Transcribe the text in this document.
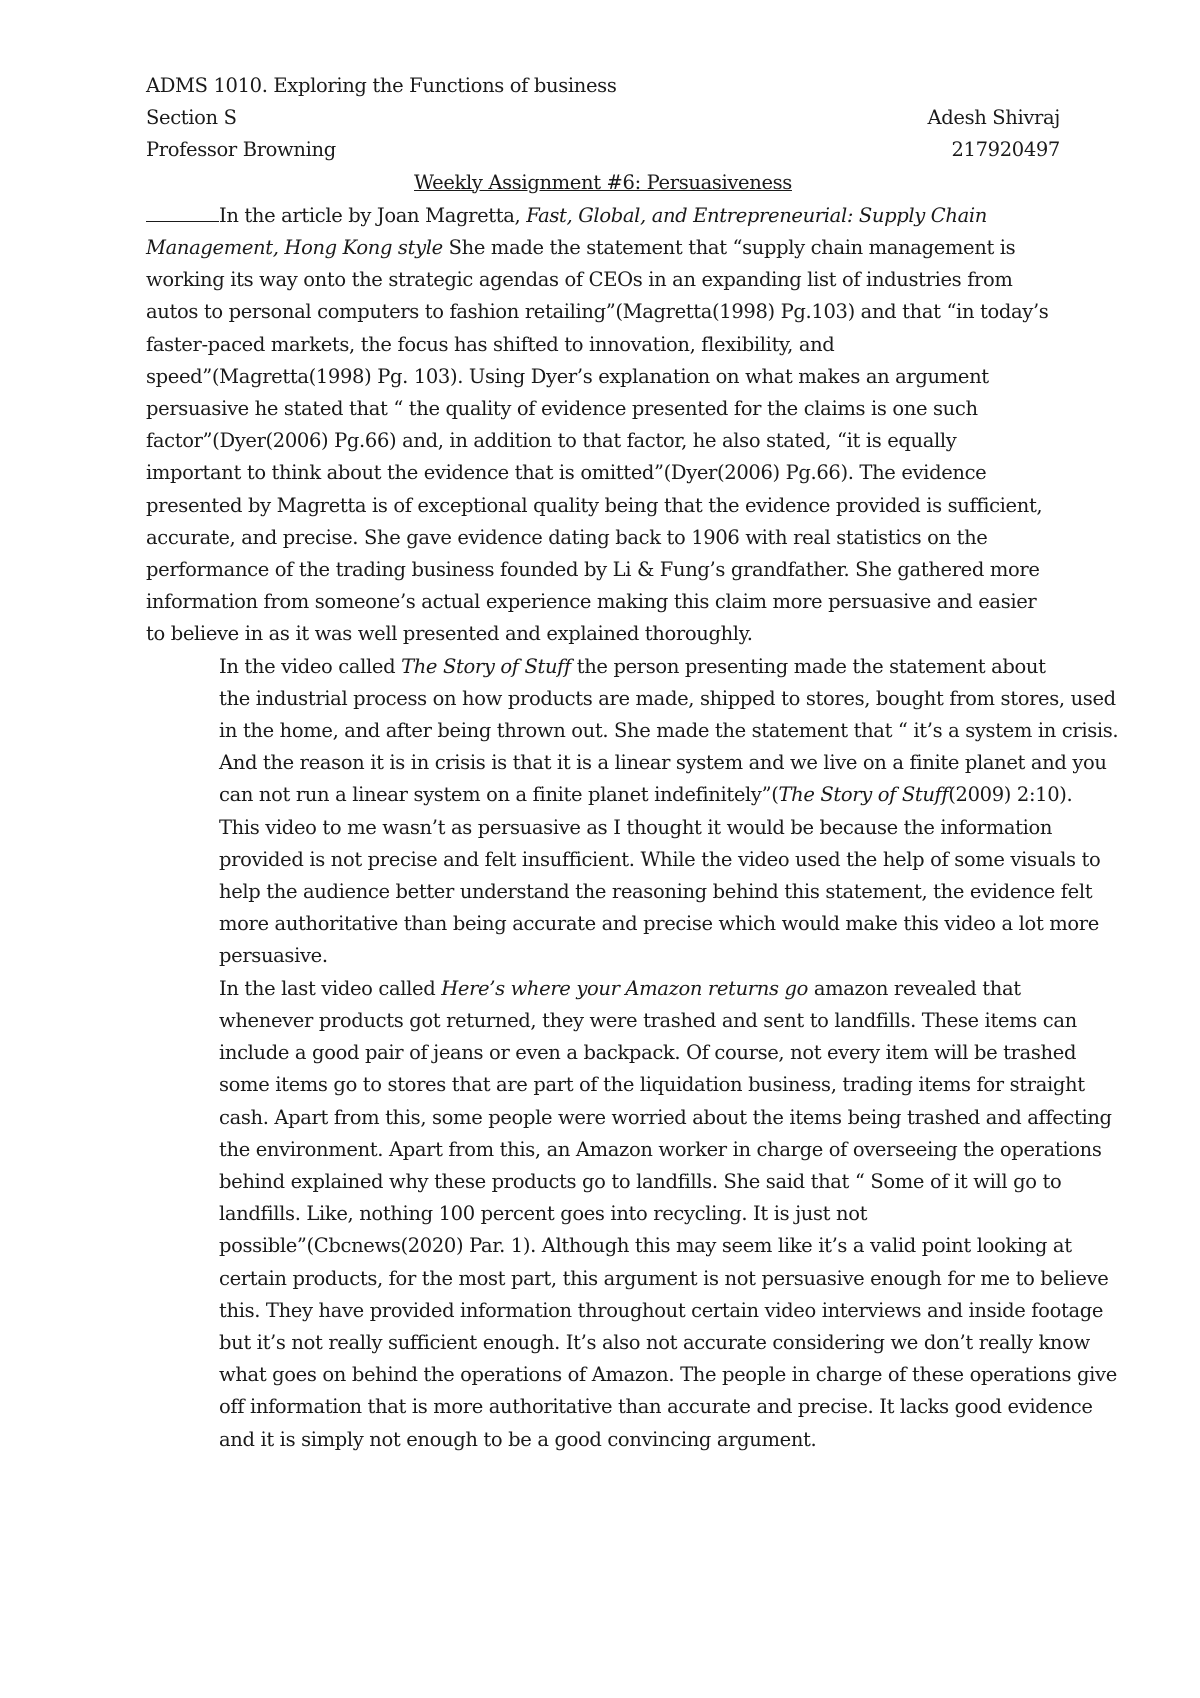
ADMS 1010. Exploring the Functions of business
Section S	Adesh Shivraj
Professor Browning	217920497
Weekly Assignment #6: Persuasiveness
In the article by Joan Magretta, Fast, Global, and Entrepreneurial: Supply Chain
Management, Hong Kong style She made the statement that “supply chain management is
working its way onto the strategic agendas of CEOs in an expanding list of industries from
autos to personal computers to fashion retailing”(Magretta(1998) Pg.103) and that “in today’s
faster-paced markets, the focus has shifted to innovation, flexibility, and
speed”(Magretta(1998) Pg. 103). Using Dyer’s explanation on what makes an argument
persuasive he stated that “ the quality of evidence presented for the claims is one such
factor”(Dyer(2006) Pg.66) and, in addition to that factor, he also stated, “it is equally
important to think about the evidence that is omitted”(Dyer(2006) Pg.66). The evidence
presented by Magretta is of exceptional quality being that the evidence provided is sufficient,
accurate, and precise. She gave evidence dating back to 1906 with real statistics on the
performance of the trading business founded by Li & Fung’s grandfather. She gathered more
information from someone’s actual experience making this claim more persuasive and easier
to believe in as it was well presented and explained thoroughly.
In the video called The Story of Stuff the person presenting made the statement about
the industrial process on how products are made, shipped to stores, bought from stores, used
in the home, and after being thrown out. She made the statement that “ it’s a system in crisis.
And the reason it is in crisis is that it is a linear system and we live on a finite planet and you
can not run a linear system on a finite planet indefinitely”(The Story of Stuff(2009) 2:10).
This video to me wasn’t as persuasive as I thought it would be because the information
provided is not precise and felt insufficient. While the video used the help of some visuals to
help the audience better understand the reasoning behind this statement, the evidence felt
more authoritative than being accurate and precise which would make this video a lot more
persuasive.
In the last video called Here’s where your Amazon returns go amazon revealed that
whenever products got returned, they were trashed and sent to landfills. These items can
include a good pair of jeans or even a backpack. Of course, not every item will be trashed
some items go to stores that are part of the liquidation business, trading items for straight
cash. Apart from this, some people were worried about the items being trashed and affecting
the environment. Apart from this, an Amazon worker in charge of overseeing the operations
behind explained why these products go to landfills. She said that “ Some of it will go to
landfills. Like, nothing 100 percent goes into recycling. It is just not
possible”(Cbcnews(2020) Par. 1). Although this may seem like it’s a valid point looking at
certain products, for the most part, this argument is not persuasive enough for me to believe
this. They have provided information throughout certain video interviews and inside footage
but it’s not really sufficient enough. It’s also not accurate considering we don’t really know
what goes on behind the operations of Amazon. The people in charge of these operations give
off information that is more authoritative than accurate and precise. It lacks good evidence
and it is simply not enough to be a good convincing argument.
